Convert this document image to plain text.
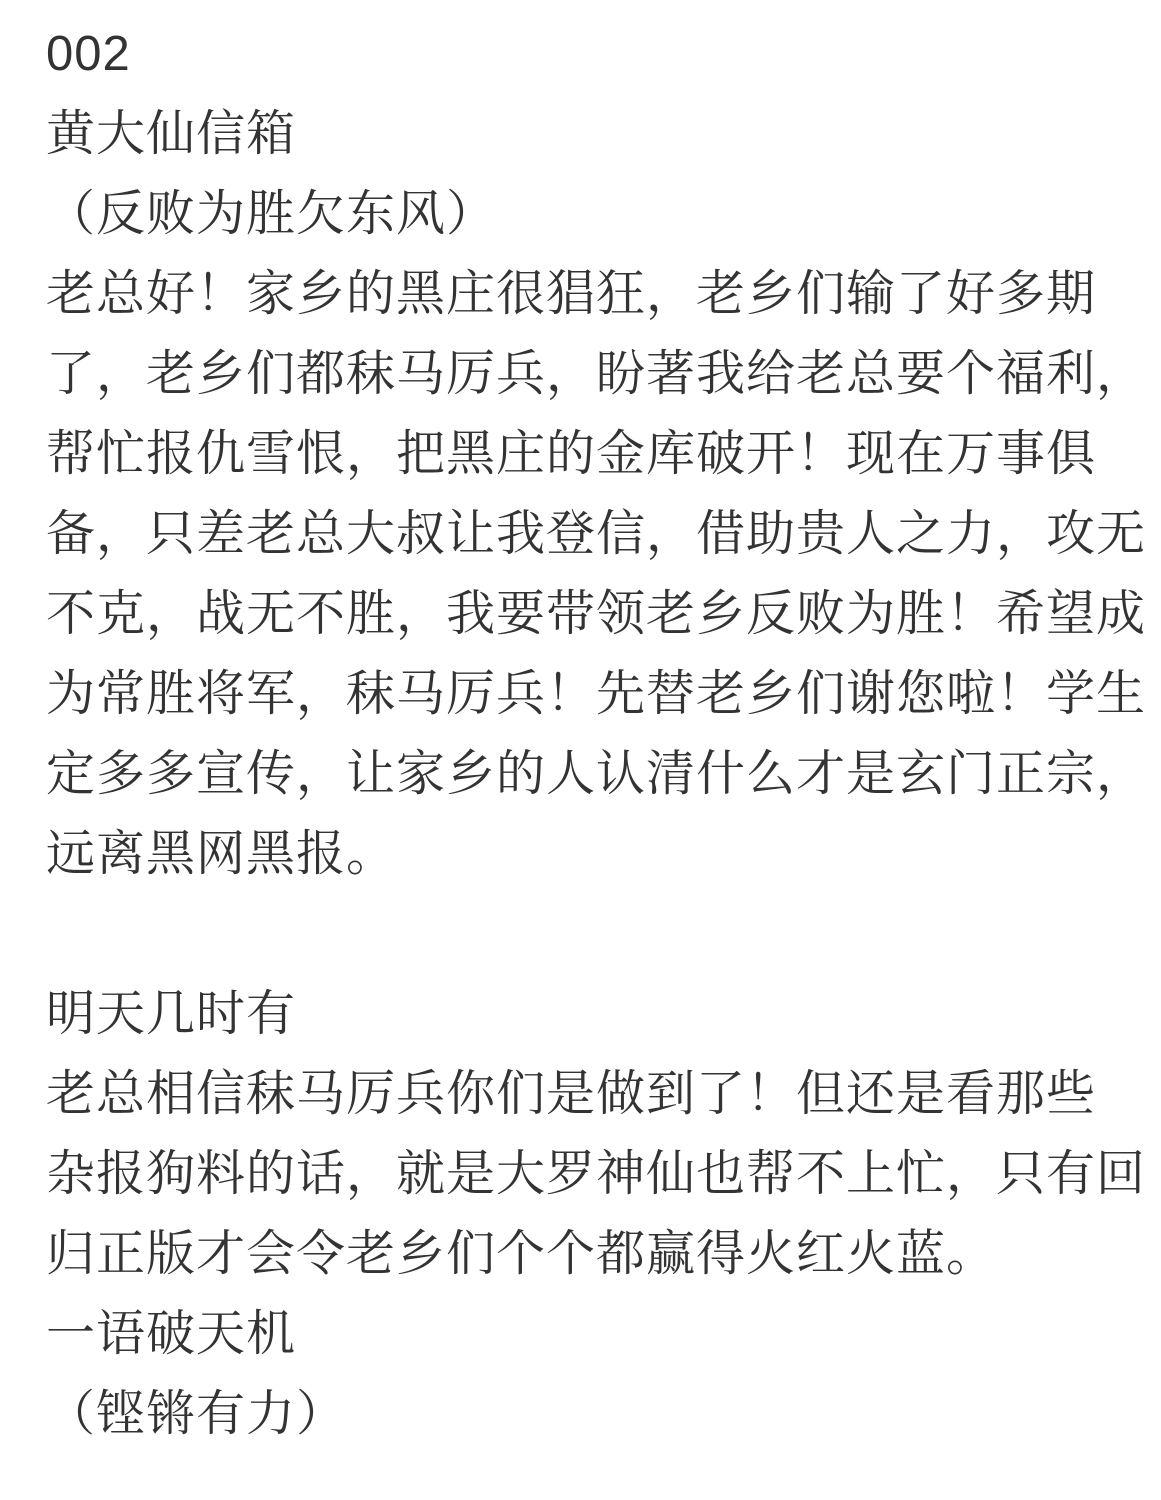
002
黄大仙信箱
（反败为胜欠东风）
老总好！家乡的黑庄很猖狂，老乡们输了好多期
了，老乡们都秣马厉兵，盼著我给老总要个福利，
帮忙报仇雪恨，把黑庄的金库破开！现在万事俱
备，只差老总大叔让我登信，借助贵人之力，攻无
不克，战无不胜，我要带领老乡反败为胜！希望成
为常胜将军，秣马厉兵！先替老乡们谢您啦！学生
定多多宣传，让家乡的人认清什么才是玄门正宗，
远离黑网黑报。
明天几时有
老总相信秣马厉兵你们是做到了！但还是看那些
杂报狗料的话，就是大罗神仙也帮不上忙，只有回
归正版才会令老乡们个个都赢得火红火蓝。
一语破天机
（铿锵有力）
